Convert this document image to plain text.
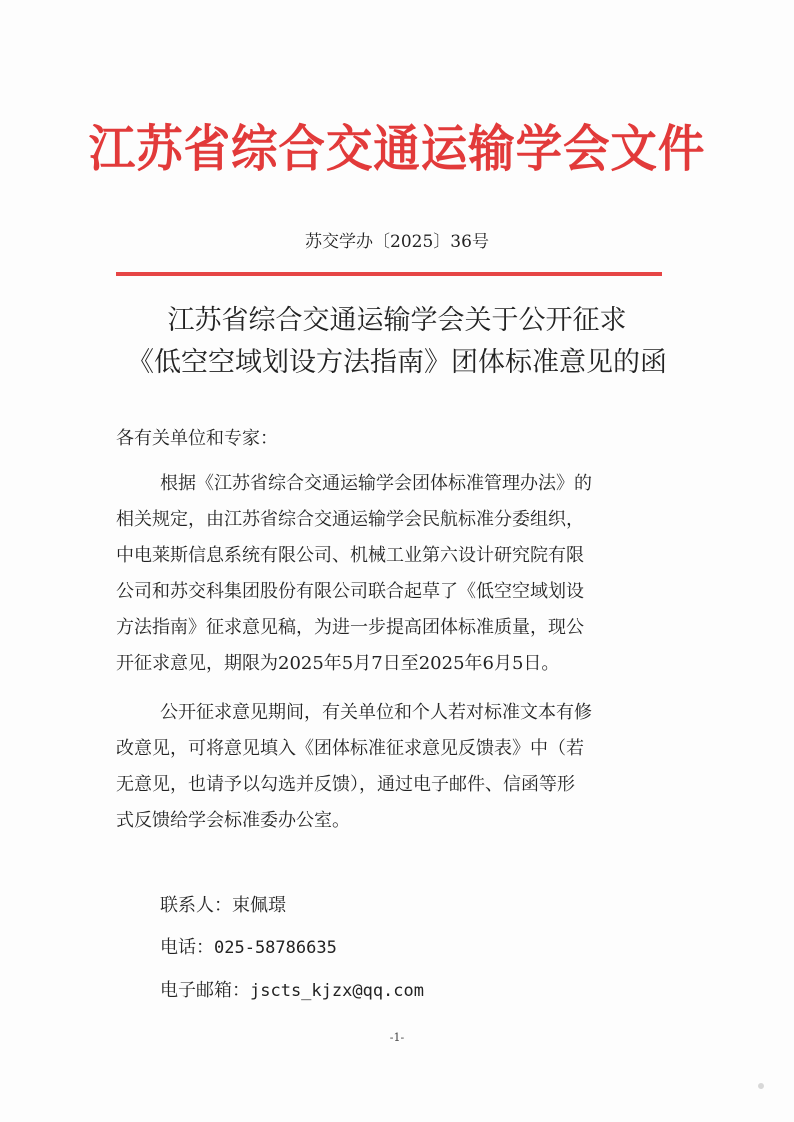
江苏省综合交通运输学会文件
苏交学办〔2025〕36号
江苏省综合交通运输学会关于公开征求
《低空空域划设方法指南》团体标准意见的函
各有关单位和专家：
根据《江苏省综合交通运输学会团体标准管理办法》的
相关规定，由江苏省综合交通运输学会民航标准分委组织，
中电莱斯信息系统有限公司、机械工业第六设计研究院有限
公司和苏交科集团股份有限公司联合起草了《低空空域划设
方法指南》征求意见稿，为进一步提高团体标准质量，现公
开征求意见，期限为2025年5月7日至2025年6月5日。
公开征求意见期间，有关单位和个人若对标准文本有修
改意见，可将意见填入《团体标准征求意见反馈表》中（若
无意见，也请予以勾选并反馈），通过电子邮件、信函等形
式反馈给学会标准委办公室。
联系人：束佩璟
电话：025-58786635
电子邮箱：jscts_kjzx@qq.com
-1-
